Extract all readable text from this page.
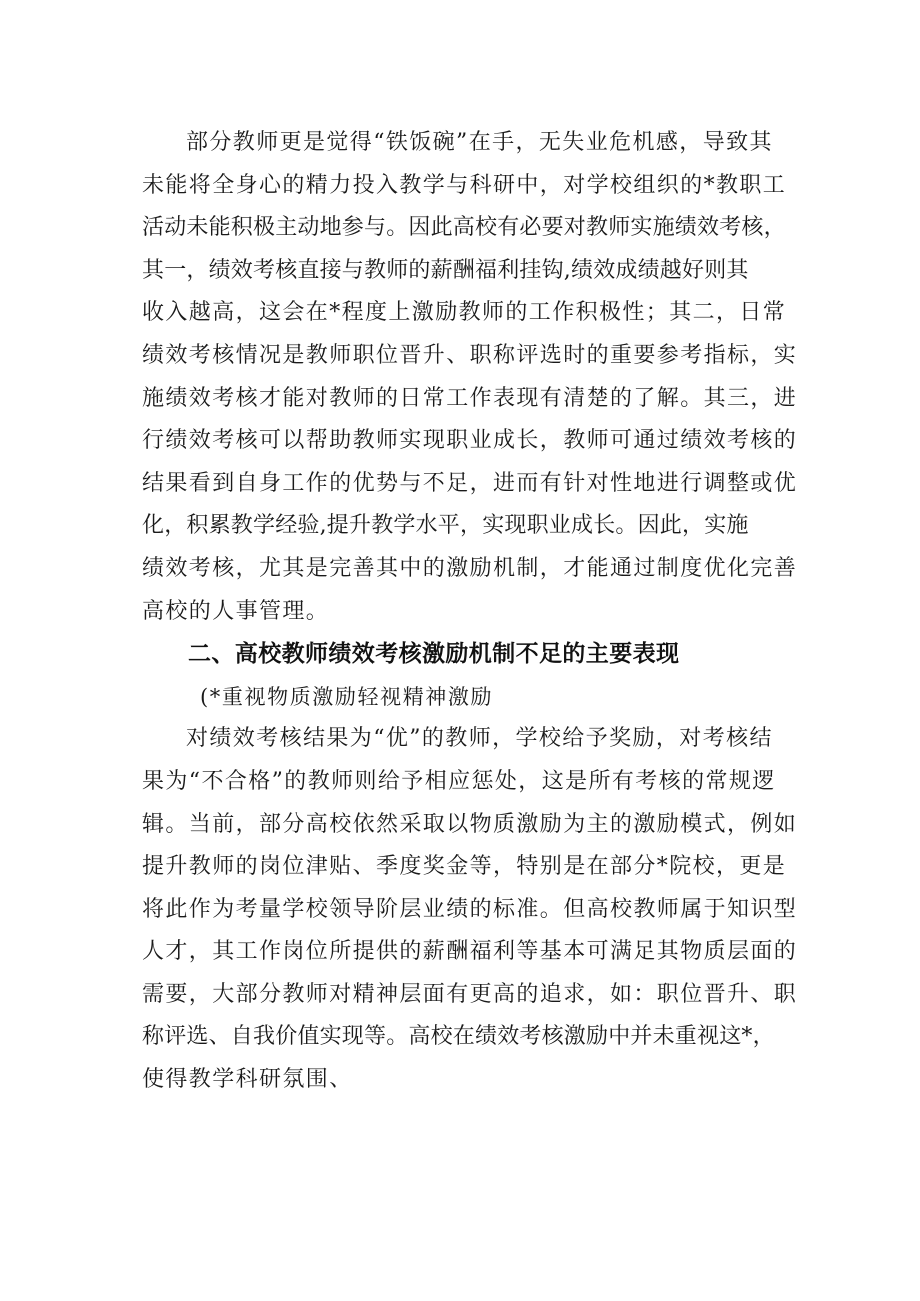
部分教师更是觉得“铁饭碗”在手，无失业危机感，导致其
未能将全身心的精力投入教学与科研中，对学校组织的*教职工
活动未能积极主动地参与。因此高校有必要对教师实施绩效考核，
其一，绩效考核直接与教师的薪酬福利挂钩,绩效成绩越好则其
收入越高，这会在*程度上激励教师的工作积极性；其二，日常
绩效考核情况是教师职位晋升、职称评选时的重要参考指标，实
施绩效考核才能对教师的日常工作表现有清楚的了解。其三，进
行绩效考核可以帮助教师实现职业成长，教师可通过绩效考核的
结果看到自身工作的优势与不足，进而有针对性地进行调整或优
化，积累教学经验,提升教学水平，实现职业成长。因此，实施
绩效考核，尤其是完善其中的激励机制，才能通过制度优化完善
高校的人事管理。
二、高校教师绩效考核激励机制不足的主要表现
(*重视物质激励轻视精神激励
对绩效考核结果为“优”的教师，学校给予奖励，对考核结
果为“不合格”的教师则给予相应惩处，这是所有考核的常规逻
辑。当前，部分高校依然采取以物质激励为主的激励模式，例如
提升教师的岗位津贴、季度奖金等，特别是在部分*院校，更是
将此作为考量学校领导阶层业绩的标准。但高校教师属于知识型
人才，其工作岗位所提供的薪酬福利等基本可满足其物质层面的
需要，大部分教师对精神层面有更高的追求，如：职位晋升、职
称评选、自我价值实现等。高校在绩效考核激励中并未重视这*，
使得教学科研氛围、
